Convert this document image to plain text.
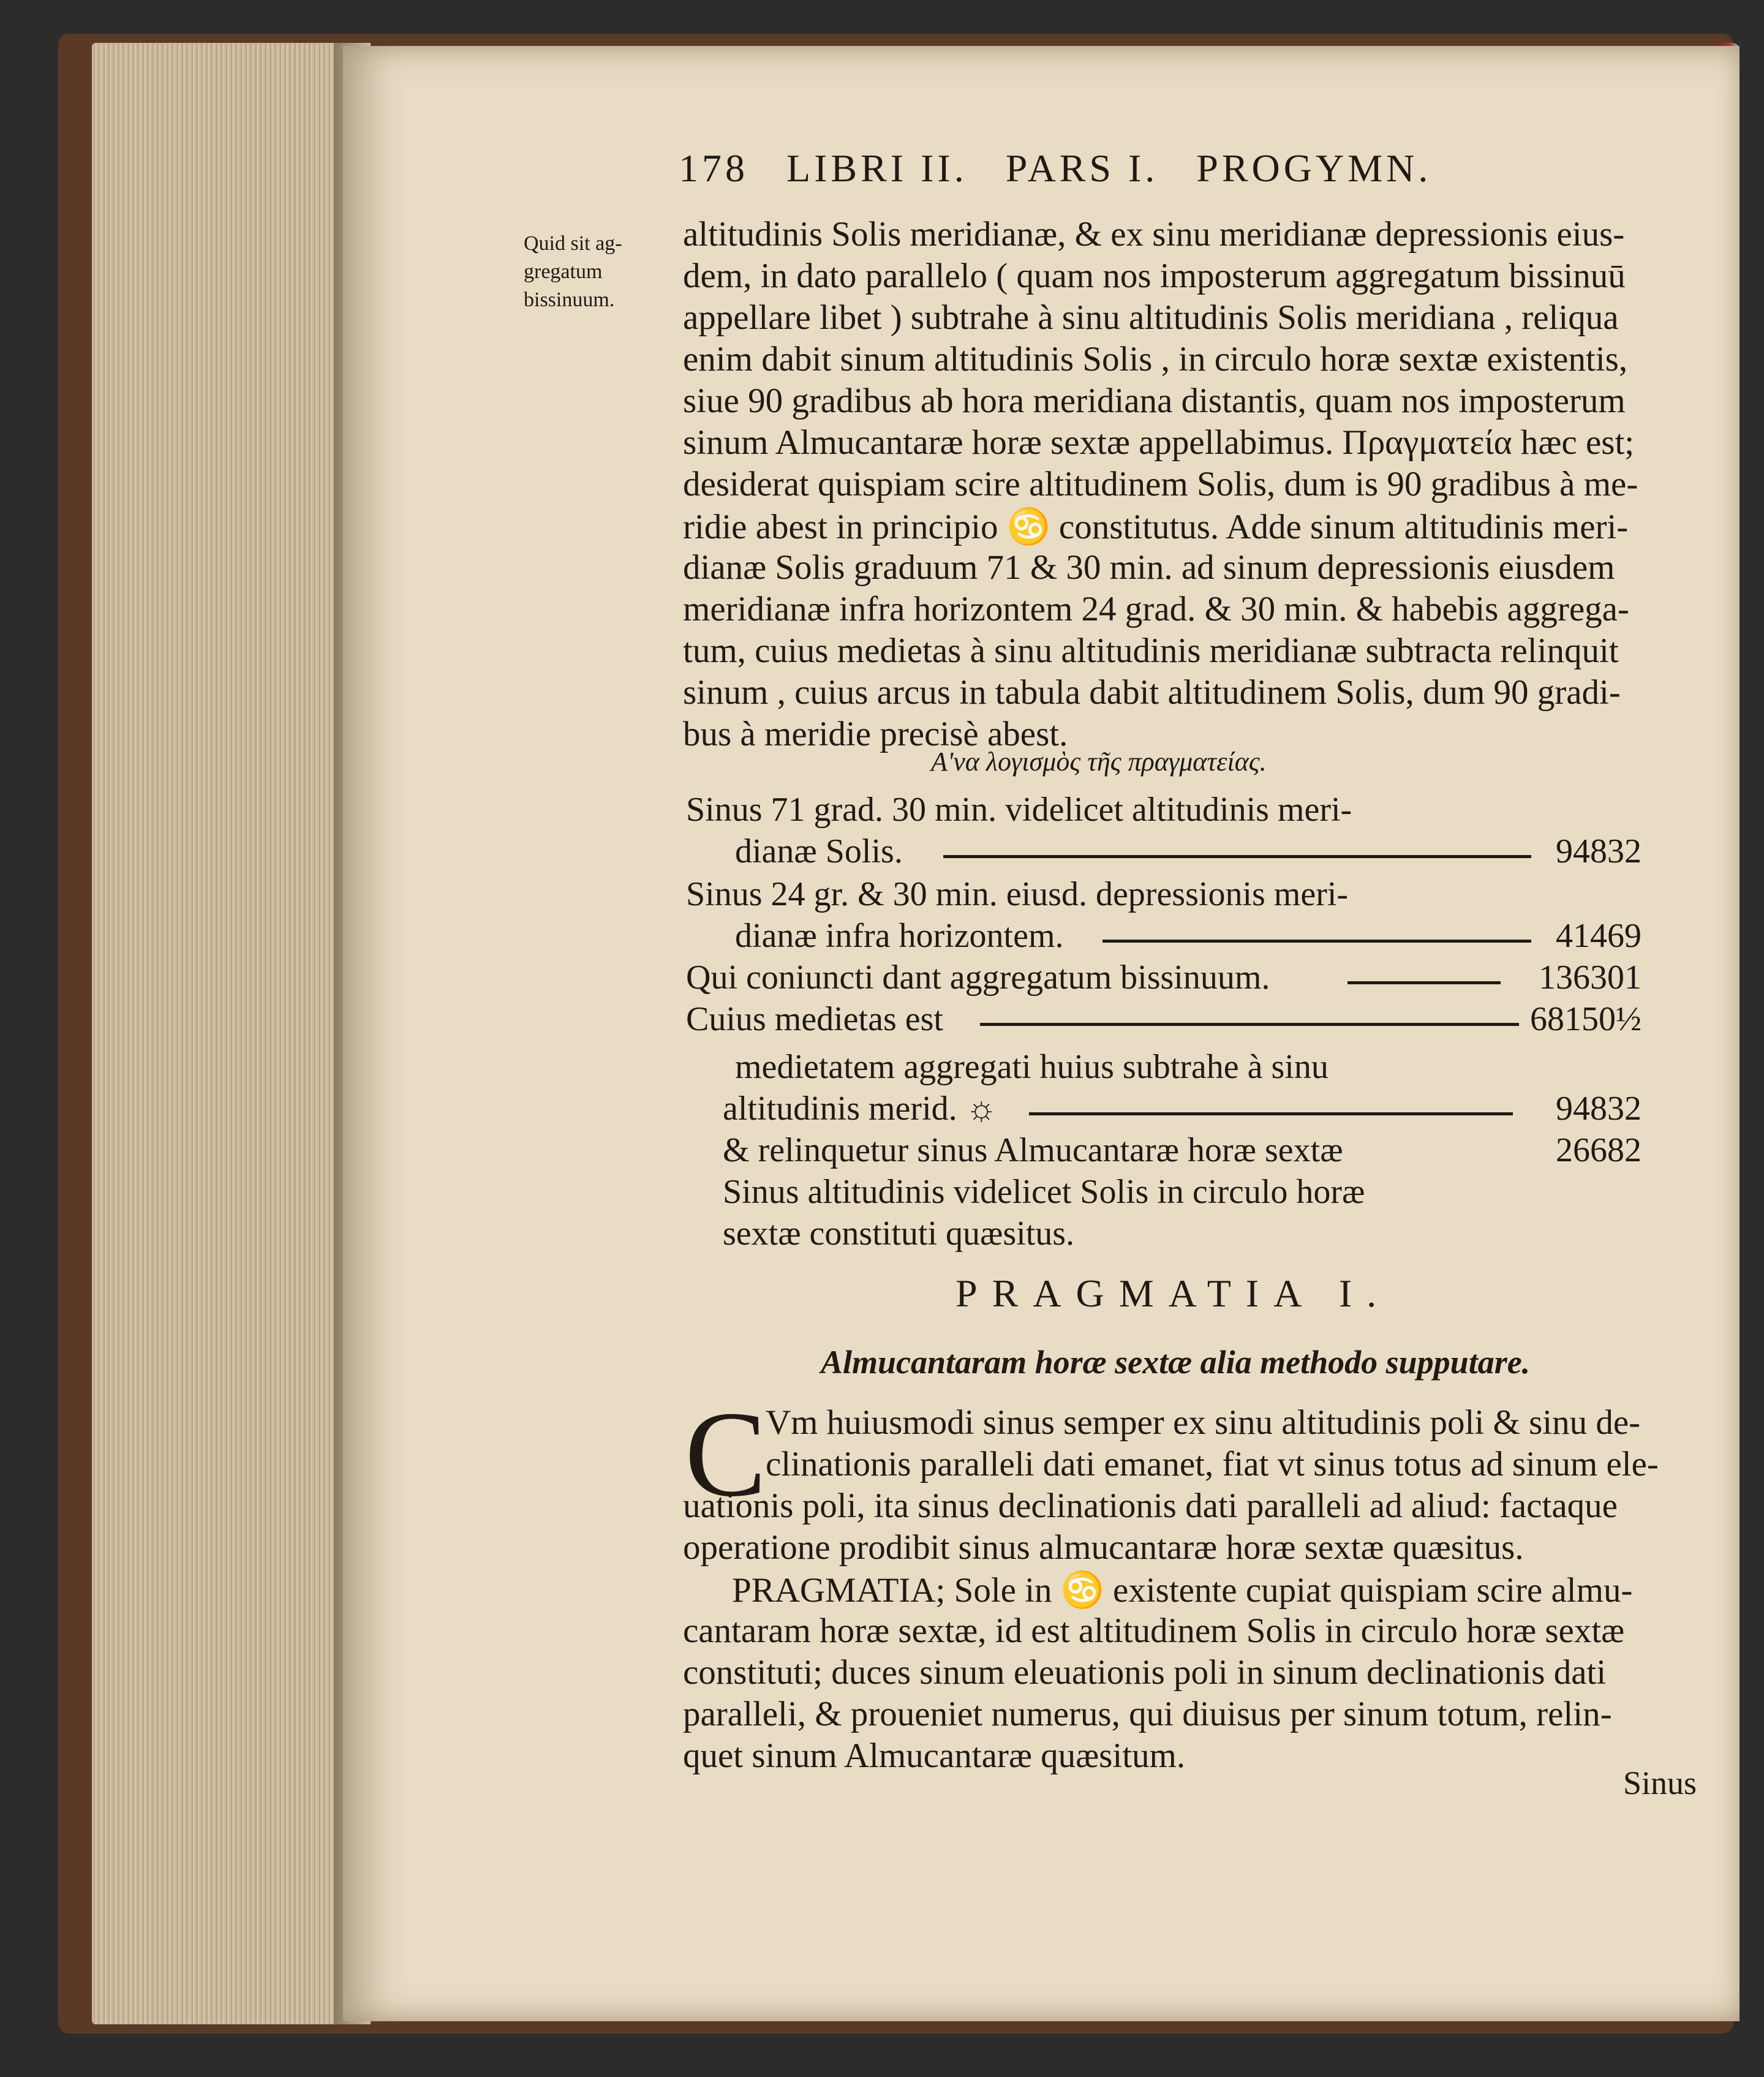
178 LIBRI II. PARS I. PROGYMN.
Quid sit ag-
gregatum
bissinuum.
altitudinis Solis meridianæ, & ex sinu meridianæ depressionis eius-
dem, in dato parallelo ( quam nos imposterum aggregatum bissinuū
appellare libet ) subtrahe à sinu altitudinis Solis meridiana , reliqua
enim dabit sinum altitudinis Solis , in circulo horæ sextæ existentis,
siue 90 gradibus ab hora meridiana distantis, quam nos imposterum
sinum Almucantaræ horæ sextæ appellabimus. Πραγματεία hæc est;
desiderat quispiam scire altitudinem Solis, dum is 90 gradibus à me-
ridie abest in principio ♋ constitutus. Adde sinum altitudinis meri-
dianæ Solis graduum 71 & 30 min. ad sinum depressionis eiusdem
meridianæ infra horizontem 24 grad. & 30 min. & habebis aggrega-
tum, cuius medietas à sinu altitudinis meridianæ subtracta relinquit
sinum , cuius arcus in tabula dabit altitudinem Solis, dum 90 gradi-
bus à meridie precisè abest.
Α'να λογισμὸς τῆς πραγματείας.
Sinus 71 grad. 30 min. videlicet altitudinis meri-
dianæ Solis.	94832
Sinus 24 gr. & 30 min. eiusd. depressionis meri-
dianæ infra horizontem.	41469
Qui coniuncti dant aggregatum bissinuum.	136301
Cuius medietas est	68150½
medietatem aggregati huius subtrahe à sinu
altitudinis merid. ☼	94832
& relinquetur sinus Almucantaræ horæ sextæ	26682
Sinus altitudinis videlicet Solis in circulo horæ
sextæ constituti quæsitus.
PRAGMATIA I.
Almucantaram horæ sextæ alia methodo supputare.
C
Vm huiusmodi sinus semper ex sinu altitudinis poli & sinu de-
clinationis paralleli dati emanet, fiat vt sinus totus ad sinum ele-
uationis poli, ita sinus declinationis dati paralleli ad aliud: factaque
operatione prodibit sinus almucantaræ horæ sextæ quæsitus.
PRAGMATIA; Sole in ♋ existente cupiat quispiam scire almu-
cantaram horæ sextæ, id est altitudinem Solis in circulo horæ sextæ
constituti; duces sinum eleuationis poli in sinum declinationis dati
paralleli, & proueniet numerus, qui diuisus per sinum totum, relin-
quet sinum Almucantaræ quæsitum.
Sinus
